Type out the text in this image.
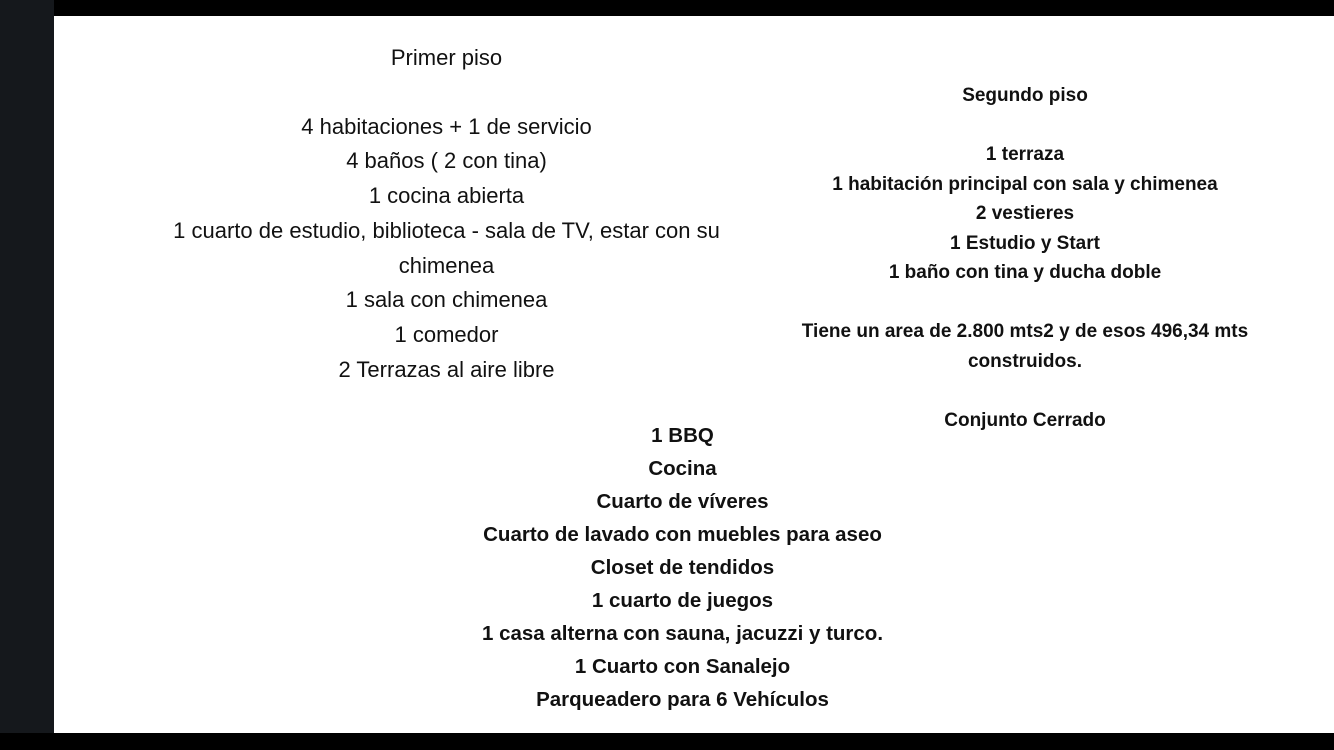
Primer piso
4 habitaciones + 1 de servicio
4 baños ( 2 con tina)
1 cocina abierta
1 cuarto de estudio, biblioteca - sala de TV, estar con su chimenea
1 sala con chimenea
1 comedor
2 Terrazas al aire libre
Segundo piso
1 terraza
1 habitación principal con sala y chimenea
2 vestieres
1 Estudio y Start
1 baño con tina y ducha doble
Tiene un area de 2.800 mts2 y de esos 496,34 mts construidos.
Conjunto Cerrado
1 BBQ
Cocina
Cuarto de víveres
Cuarto de lavado con muebles para aseo
Closet de tendidos
1 cuarto de juegos
1 casa alterna con sauna, jacuzzi y turco.
1 Cuarto con Sanalejo
Parqueadero para 6 Vehículos
